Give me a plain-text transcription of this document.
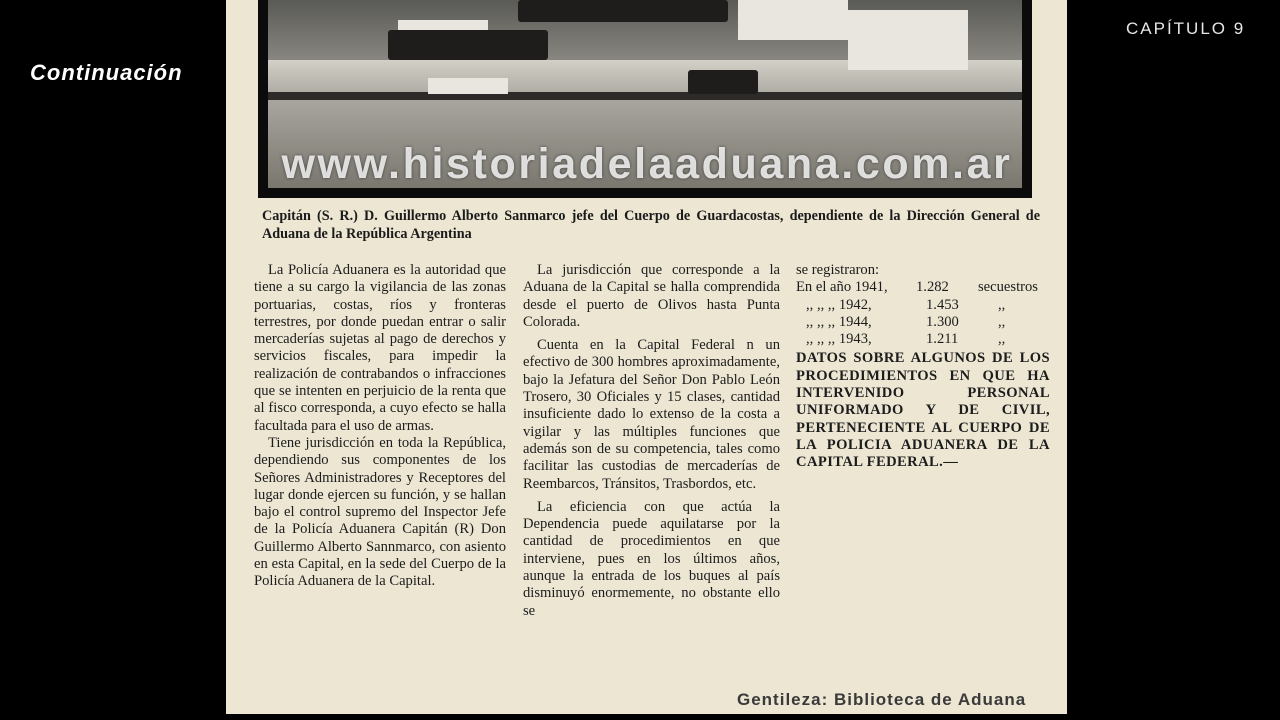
Continuación
CAPÍTULO 9
Capitán (S. R.) D. Guillermo Alberto Sanmarco jefe del Cuerpo de Guardacostas, dependiente de la Dirección General de Aduana de la República Argentina

La Policía Aduanera es la autoridad que tiene a su cargo la vigilancia de las zonas portuarias, costas, ríos y fronteras terrestres, por donde puedan entrar o salir mercaderías sujetas al pago de derechos y servicios fiscales, para impedir la realización de contrabandos o infracciones que se intenten en perjuicio de la renta que al fisco corresponda, a cuyo efecto se halla facultada para el uso de armas.

Tiene jurisdicción en toda la República, dependiendo sus componentes de los Señores Administradores y Receptores del lugar donde ejercen su función, y se hallan bajo el control supremo del Inspector Jefe de la Policía Aduanera Capitán (R) Don Guillermo Alberto Sannmarco, con asiento en esta Capital, en la sede del Cuerpo de la Policía Aduanera de la Capital.

La jurisdicción que corresponde a la Aduana de la Capital se halla comprendida desde el puerto de Olivos hasta Punta Colorada.

Cuenta en la Capital Federal n un efectivo de 300 hombres aproximadamente, bajo la Jefatura del Señor Don Pablo León Trosero, 30 Oficiales y 15 clases, cantidad insuficiente dado lo extenso de la costa a vigilar y las múltiples funciones que además son de su competencia, tales como facilitar las custodias de mercaderías de Reembarcos, Tránsitos, Trasbordos, etc.

La eficiencia con que actúa la Dependencia puede aquilatarse por la cantidad de procedimientos en que interviene, pues en los últimos años, aunque la entrada de los buques al país disminuyó enormemente, no obstante ello se

se registraron:
En el año 1941,	1.282	secuestros
,, ,, ,, 1942,	1.453	,,
,, ,, ,, 1944,	1.300	,,
,, ,, ,, 1943,	1.211	,,

DATOS SOBRE ALGUNOS DE LOS PROCEDIMIENTOS EN QUE HA INTERVENIDO PERSONAL UNIFORMADO Y DE CIVIL, PERTENECIENTE AL CUERPO DE LA POLICIA ADUANERA DE LA CAPITAL FEDERAL.—

Gentileza: Biblioteca de Aduana
www.historiadelaaduana.com.ar
